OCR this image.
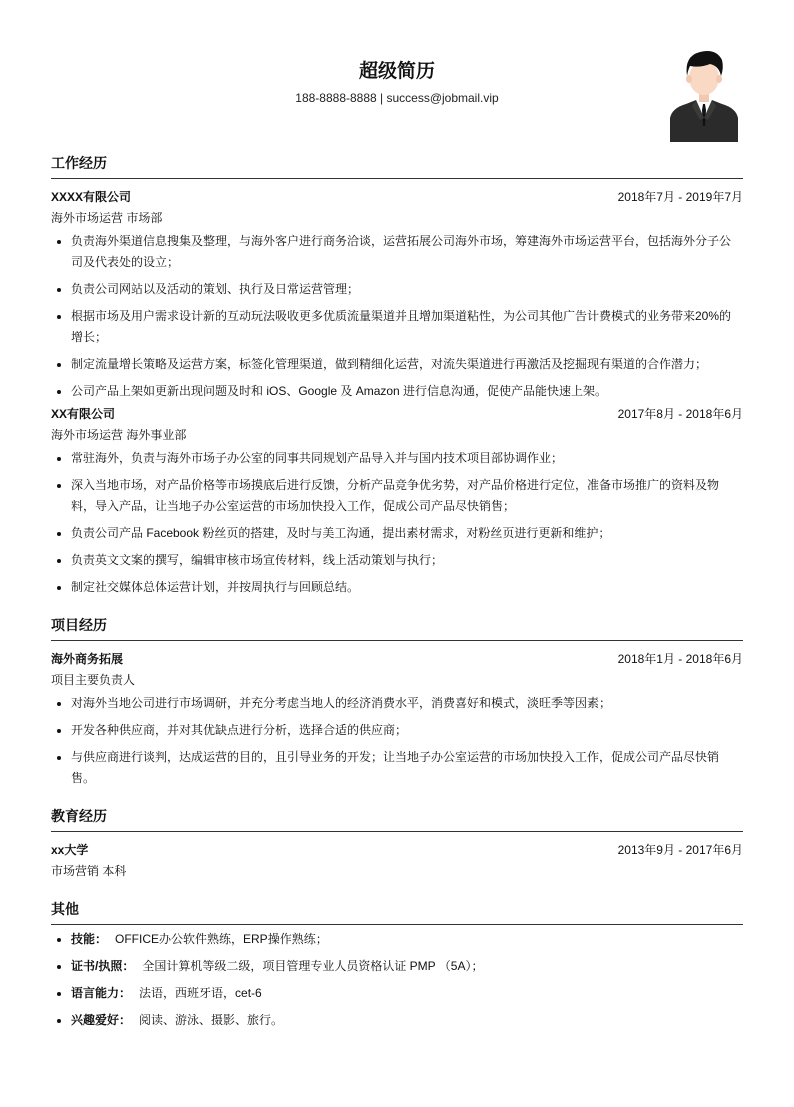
超级简历
188-8888-8888 | success@jobmail.vip
工作经历
XXXX有限公司	2018年7月 - 2019年7月
海外市场运营 市场部
• 负责海外渠道信息搜集及整理，与海外客户进行商务洽谈，运营拓展公司海外市场，筹建海外市场运营平台，包括海外分子公司及代表处的设立；
• 负责公司网站以及活动的策划、执行及日常运营管理；
• 根据市场及用户需求设计新的互动玩法吸收更多优质流量渠道并且增加渠道粘性，为公司其他广告计费模式的业务带来20%的增长；
• 制定流量增长策略及运营方案，标签化管理渠道，做到精细化运营，对流失渠道进行再激活及挖掘现有渠道的合作潜力；
• 公司产品上架如更新出现问题及时和 iOS、Google 及 Amazon 进行信息沟通，促使产品能快速上架。
XX有限公司	2017年8月 - 2018年6月
海外市场运营 海外事业部
• 常驻海外，负责与海外市场子办公室的同事共同规划产品导入并与国内技术项目部协调作业；
• 深入当地市场，对产品价格等市场摸底后进行反馈，分析产品竞争优劣势，对产品价格进行定位，准备市场推广的资料及物料，导入产品，让当地子办公室运营的市场加快投入工作，促成公司产品尽快销售；
• 负责公司产品 Facebook 粉丝页的搭建，及时与美工沟通，提出素材需求，对粉丝页进行更新和维护；
• 负责英文文案的撰写，编辑审核市场宣传材料，线上活动策划与执行；
• 制定社交媒体总体运营计划，并按周执行与回顾总结。
项目经历
海外商务拓展	2018年1月 - 2018年6月
项目主要负责人
• 对海外当地公司进行市场调研，并充分考虑当地人的经济消费水平，消费喜好和模式，淡旺季等因素；
• 开发各种供应商，并对其优缺点进行分析，选择合适的供应商；
• 与供应商进行谈判，达成运营的目的，且引导业务的开发；让当地子办公室运营的市场加快投入工作，促成公司产品尽快销售。
教育经历
xx大学	2013年9月 - 2017年6月
市场营销 本科
其他
• 技能： OFFICE办公软件熟练，ERP操作熟练；
• 证书/执照： 全国计算机等级二级，项目管理专业人员资格认证 PMP （5A）；
• 语言能力： 法语，西班牙语，cet-6
• 兴趣爱好： 阅读、游泳、摄影、旅行。
